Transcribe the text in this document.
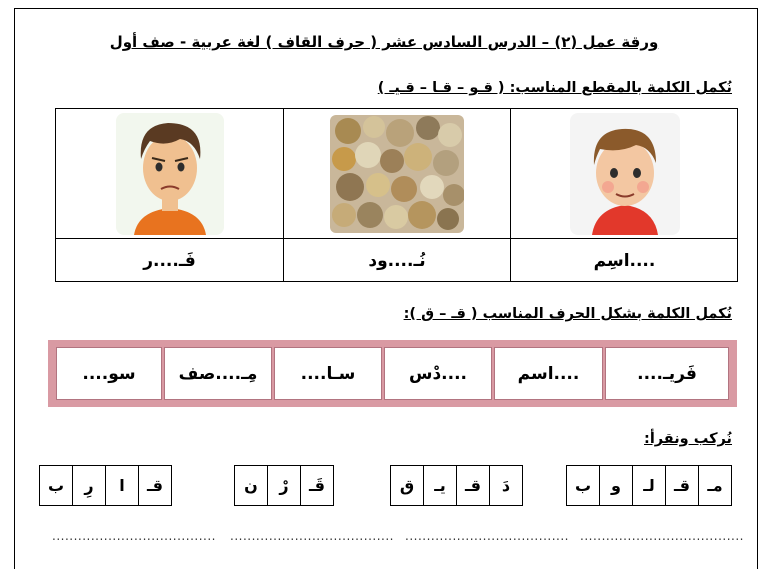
ورقة عمل (٢) – الدرس السادس عشر ( حرف القاف ) لغة عربية - صف أول
نُكمل الكلمة بالمقطع المناسب: ( قـو – قـا – قـيـ )
....اسِم
نُـ....ود
فَـ....ر
نُكمل الكلمة بشكل الحرف المناسب ( قـ – ق ):
فَريـ....
....اسم
....دْس
سـا....
مِـ....صف
سو....
نُركب ونقرأ:
ب	و	لـ	قـ	مـ
ق	يـ	قـ	دَ
ن	رْ	قَـ
ب	رِ	ا	قـ
......................................
......................................
......................................
......................................
